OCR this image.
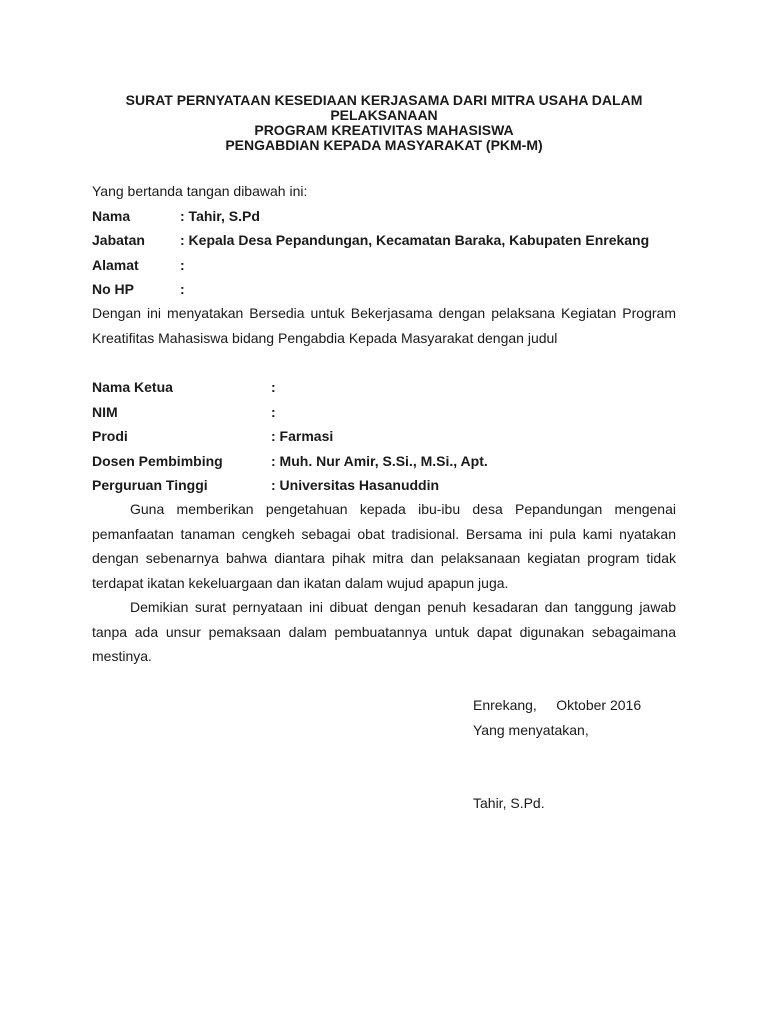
SURAT PERNYATAAN KESEDIAAN KERJASAMA DARI MITRA USAHA DALAM
PELAKSANAAN
PROGRAM KREATIVITAS MAHASISWA
PENGABDIAN KEPADA MASYARAKAT (PKM-M)
Yang bertanda tangan dibawah ini:
Nama	: Tahir, S.Pd
Jabatan	: Kepala Desa Pepandungan, Kecamatan Baraka, Kabupaten Enrekang
Alamat	:
No HP	:
Dengan ini menyatakan Bersedia untuk Bekerjasama dengan pelaksana Kegiatan Program Kreatifitas Mahasiswa bidang Pengabdia Kepada Masyarakat dengan judul
Nama Ketua	:
NIM	:
Prodi	: Farmasi
Dosen Pembimbing	: Muh. Nur Amir, S.Si., M.Si., Apt.
Perguruan Tinggi	: Universitas Hasanuddin

Guna memberikan pengetahuan kepada ibu-ibu desa Pepandungan mengenai pemanfaatan tanaman cengkeh sebagai obat tradisional. Bersama ini pula kami nyatakan dengan sebenarnya bahwa diantara pihak mitra dan pelaksanaan kegiatan program tidak terdapat ikatan kekeluargaan dan ikatan dalam wujud apapun juga.

Demikian surat pernyataan ini dibuat dengan penuh kesadaran dan tanggung jawab tanpa ada unsur pemaksaan dalam pembuatannya untuk dapat digunakan sebagaimana mestinya.

Enrekang,     Oktober 2016
Yang menyatakan,
Tahir, S.Pd.
